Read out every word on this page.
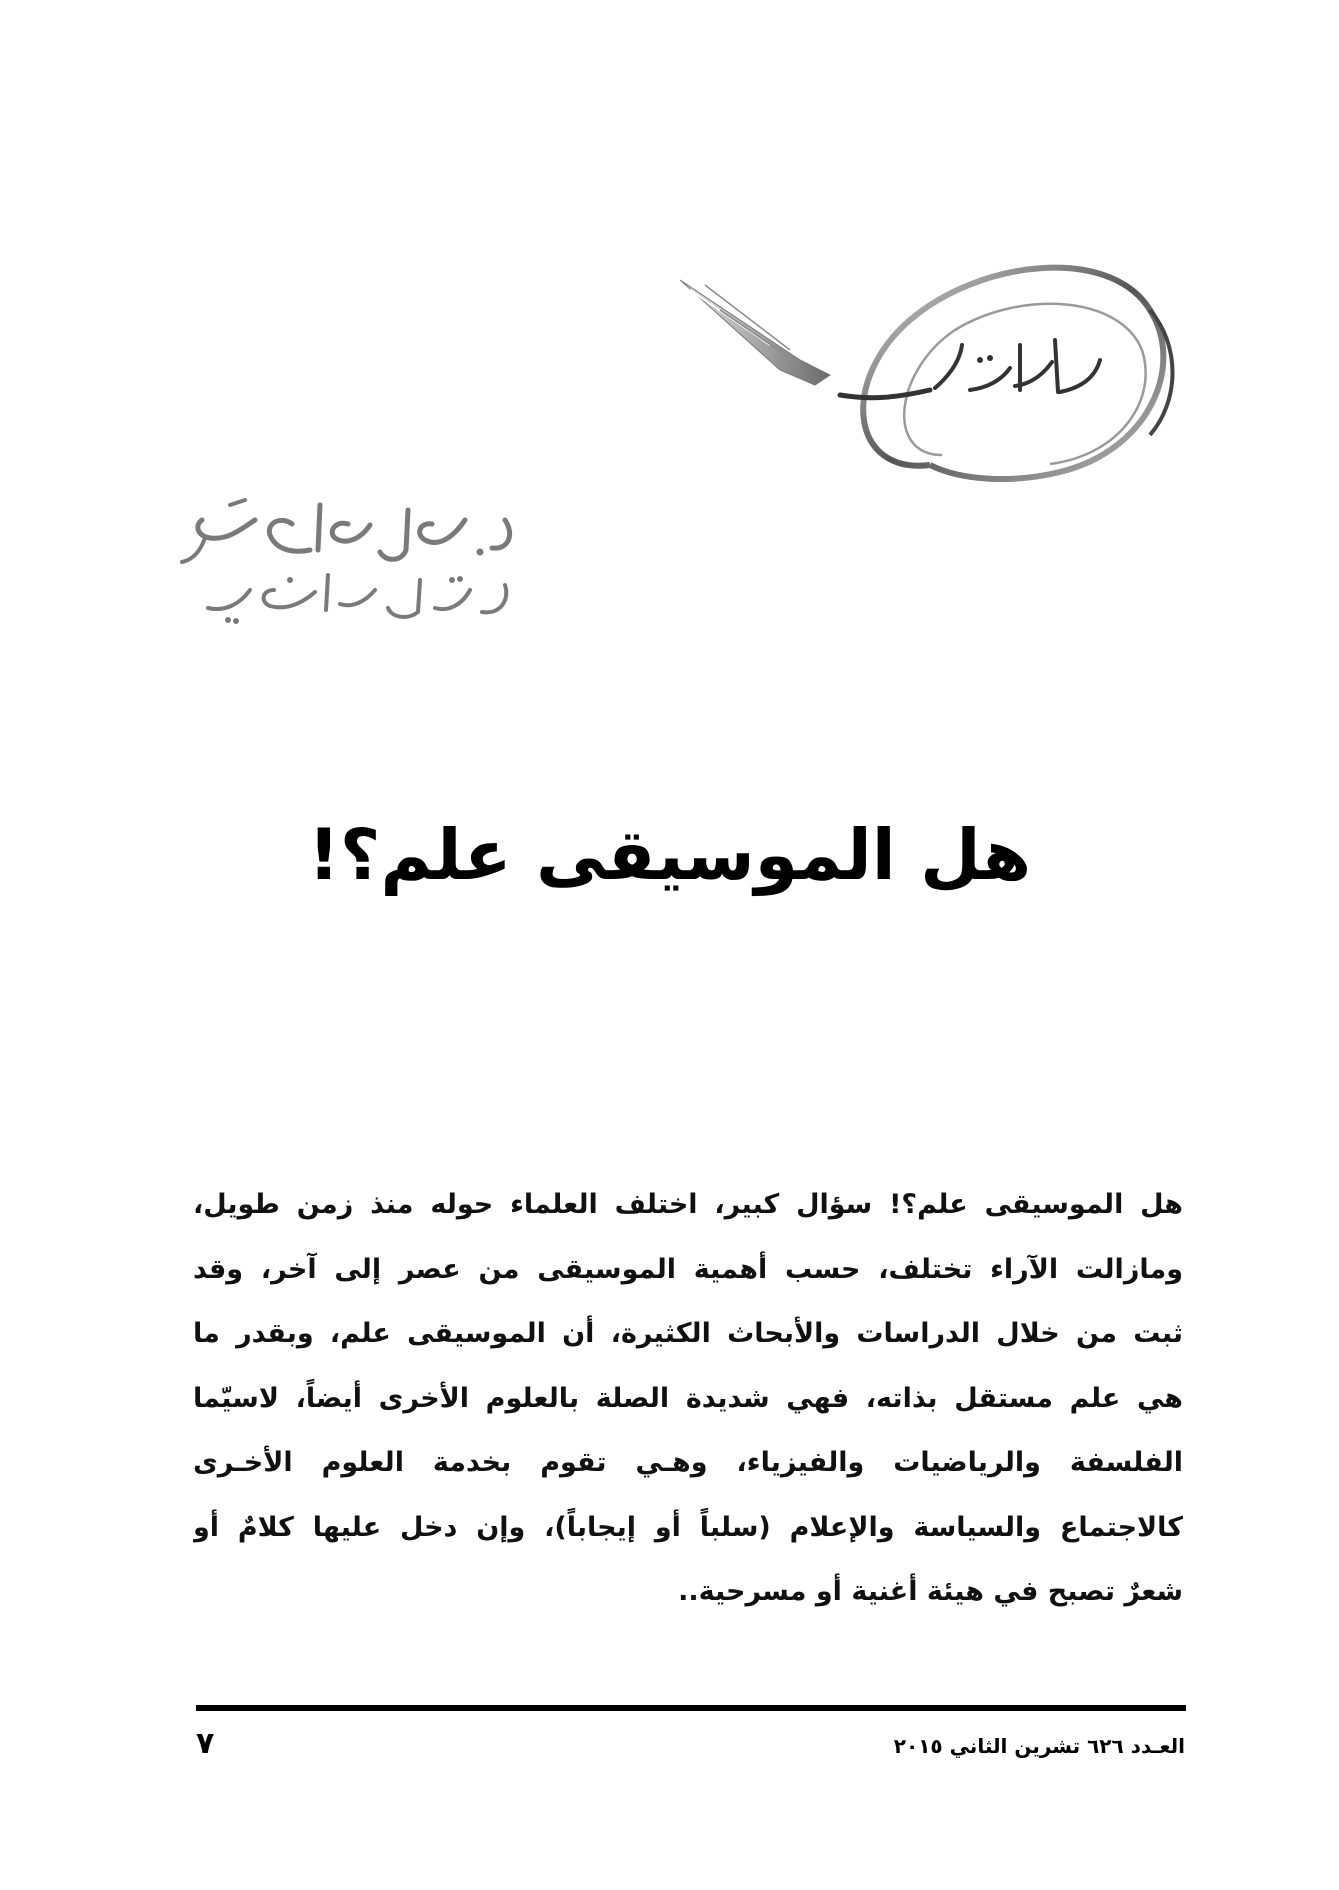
هل الموسيقى علم؟!
هل الموسيقى علم؟! سؤال كبير، اختلف العلماء حوله منذ زمن طويل،
ومازالت الآراء تختلف، حسب أهمية الموسيقى من عصر إلى آخر، وقد
ثبت من خلال الدراسات والأبحاث الكثيرة، أن الموسيقى علم، وبقدر ما
هي علم مستقل بذاته، فهي شديدة الصلة بالعلوم الأخرى أيضاً، لاسيّما
الفلسفة والرياضيات والفيزياء، وهـي تقوم بخدمة العلوم الأخـرى
كالاجتماع والسياسة والإعلام (سلباً أو إيجاباً)، وإن دخل عليها كلامٌ أو
شعرٌ تصبح في هيئة أغنية أو مسرحية..
العـدد ٦٢٦ تشرين الثاني ٢٠١٥
٧
